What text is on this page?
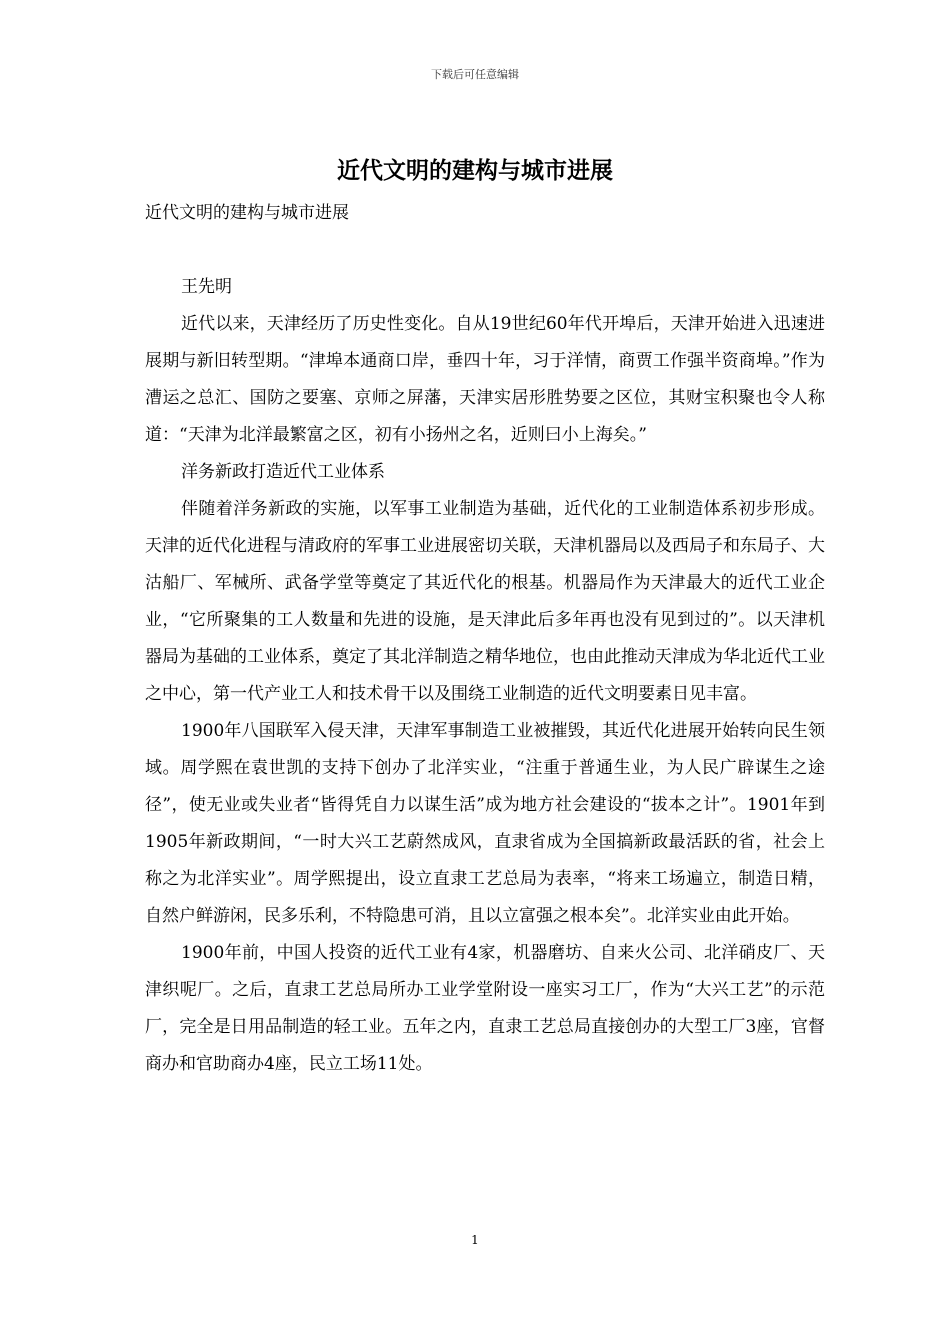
下载后可任意编辑
近代文明的建构与城市进展

近代文明的建构与城市进展

王先明

近代以来，天津经历了历史性变化。自从19世纪60年代开埠后，天津开始进入迅速进展期与新旧转型期。“津埠本通商口岸，垂四十年，习于洋情，商贾工作强半资商埠。”作为漕运之总汇、国防之要塞、京师之屏藩，天津实居形胜势要之区位，其财宝积聚也令人称道：“天津为北洋最繁富之区，初有小扬州之名，近则曰小上海矣。”

洋务新政打造近代工业体系

伴随着洋务新政的实施，以军事工业制造为基础，近代化的工业制造体系初步形成。天津的近代化进程与清政府的军事工业进展密切关联，天津机器局以及西局子和东局子、大沽船厂、军械所、武备学堂等奠定了其近代化的根基。机器局作为天津最大的近代工业企业，“它所聚集的工人数量和先进的设施，是天津此后多年再也没有见到过的”。以天津机器局为基础的工业体系，奠定了其北洋制造之精华地位，也由此推动天津成为华北近代工业之中心，第一代产业工人和技术骨干以及围绕工业制造的近代文明要素日见丰富。

1900年八国联军入侵天津，天津军事制造工业被摧毁，其近代化进展开始转向民生领域。周学熙在袁世凯的支持下创办了北洋实业，“注重于普通生业，为人民广辟谋生之途径”，使无业或失业者“皆得凭自力以谋生活”成为地方社会建设的“拔本之计”。1901年到1905年新政期间，“一时大兴工艺蔚然成风，直隶省成为全国搞新政最活跃的省，社会上称之为北洋实业”。周学熙提出，设立直隶工艺总局为表率，“将来工场遍立，制造日精，自然户鲜游闲，民多乐利，不特隐患可消，且以立富强之根本矣”。北洋实业由此开始。

1900年前，中国人投资的近代工业有4家，机器磨坊、自来火公司、北洋硝皮厂、天津织呢厂。之后，直隶工艺总局所办工业学堂附设一座实习工厂，作为“大兴工艺”的示范厂，完全是日用品制造的轻工业。五年之内，直隶工艺总局直接创办的大型工厂3座，官督商办和官助商办4座，民立工场11处。

1
